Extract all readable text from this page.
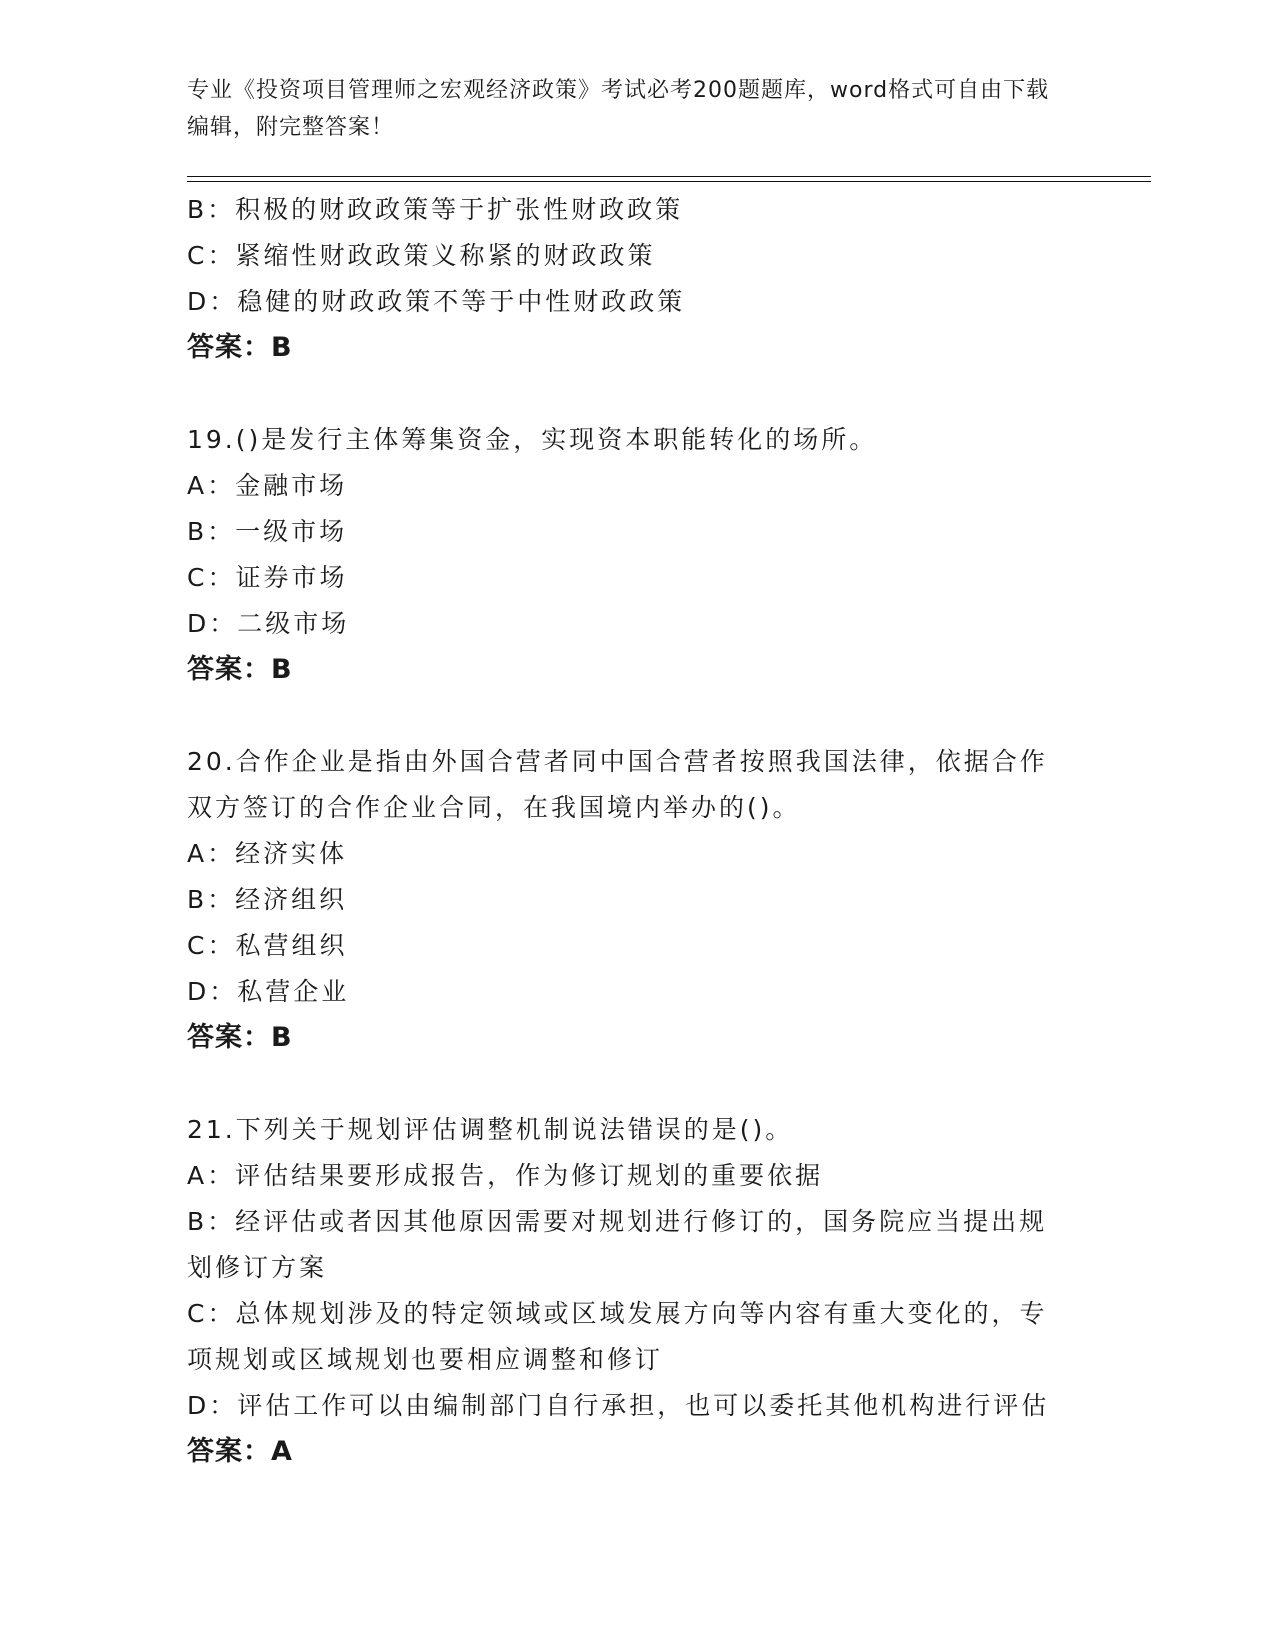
专业《投资项目管理师之宏观经济政策》考试必考200题题库，word格式可自由下载编辑，附完整答案！

B：积极的财政政策等于扩张性财政政策

C：紧缩性财政政策义称紧的财政政策

D：稳健的财政政策不等于中性财政政策

答案：B

19.()是发行主体筹集资金，实现资本职能转化的场所。

A：金融市场

B：一级市场

C：证券市场

D：二级市场

答案：B

20.合作企业是指由外国合营者同中国合营者按照我国法律，依据合作双方签订的合作企业合同，在我国境内举办的()。

A：经济实体

B：经济组织

C：私营组织

D：私营企业

答案：B

21.下列关于规划评估调整机制说法错误的是()。

A：评估结果要形成报告，作为修订规划的重要依据

B：经评估或者因其他原因需要对规划进行修订的，国务院应当提出规划修订方案

C：总体规划涉及的特定领域或区域发展方向等内容有重大变化的，专项规划或区域规划也要相应调整和修订

D：评估工作可以由编制部门自行承担，也可以委托其他机构进行评估

答案：A
